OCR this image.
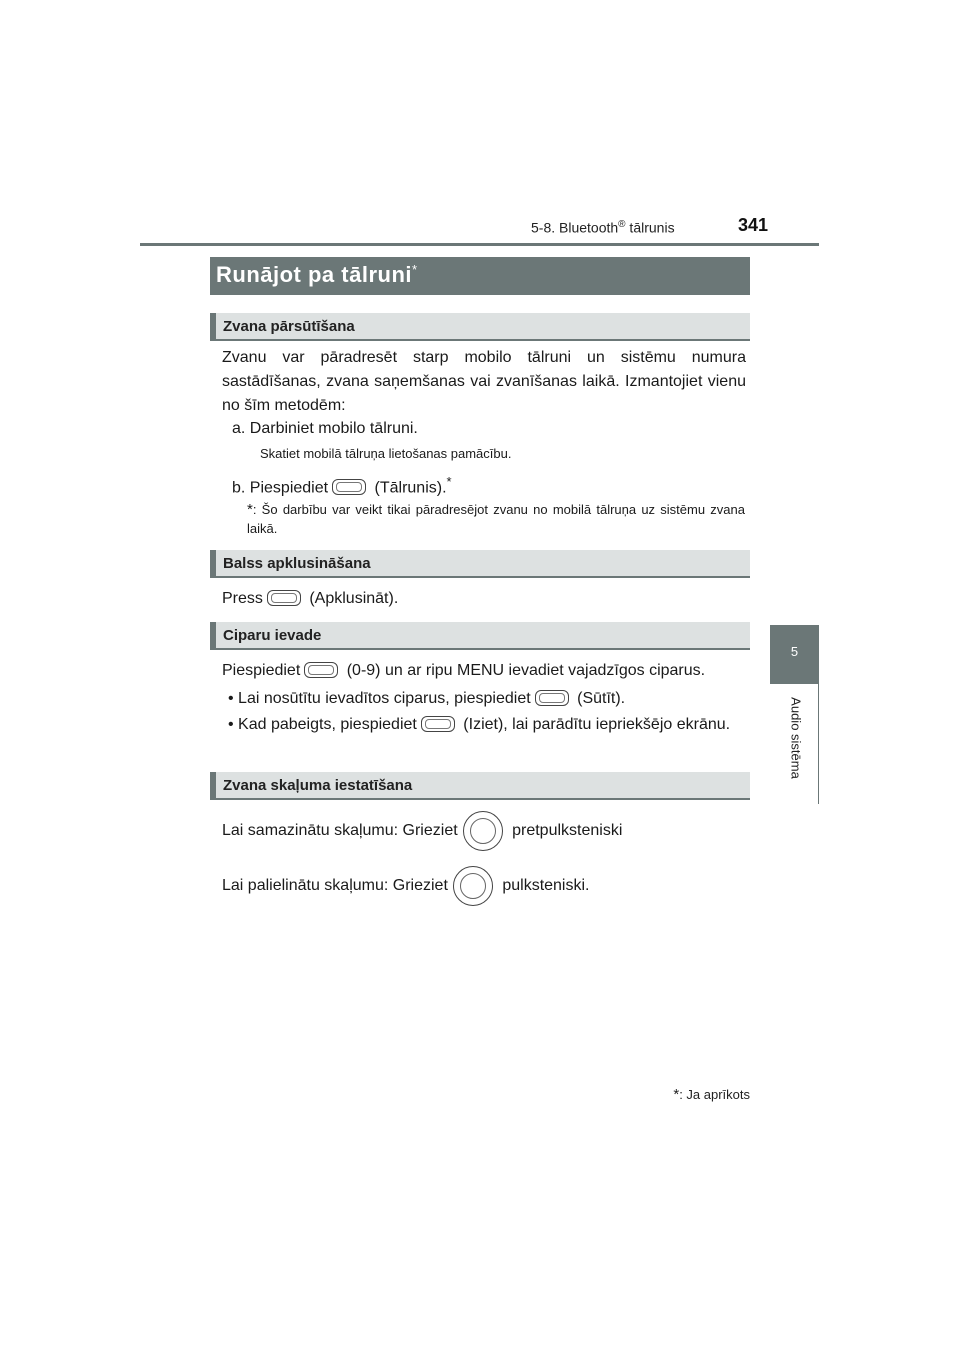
5-8. Bluetooth® tālrunis	341
5
Audio sistēma
Runājot pa tālruni*
Zvana pārsūtīšana
Zvanu var pāradresēt starp mobilo tālruni un sistēmu numura sastādīšanas, zvana saņemšanas vai zvanīšanas laikā. Izmantojiet vienu no šīm metodēm:
a. Darbiniet mobilo tālruni.
Skatiet mobilā tālruņa lietošanas pamācību.
b. Piespiediet	(Tālrunis).*
*: Šo darbību var veikt tikai pāradresējot zvanu no mobilā tālruņa uz sistēmu zvana laikā.
Balss apklusināšana
Press	(Apklusināt).
Ciparu ievade
Piespiediet	(0-9) un ar ripu MENU ievadiet vajadzīgos ciparus.
• Lai nosūtītu ievadītos ciparus, piespiediet	(Sūtīt).
• Kad pabeigts, piespiediet	(Iziet), lai parādītu iepriekšējo ekrānu.
Zvana skaļuma iestatīšana
Lai samazinātu skaļumu: Grieziet	pretpulksteniski
Lai palielinātu skaļumu: Grieziet	pulksteniski.
*: Ja aprīkots
